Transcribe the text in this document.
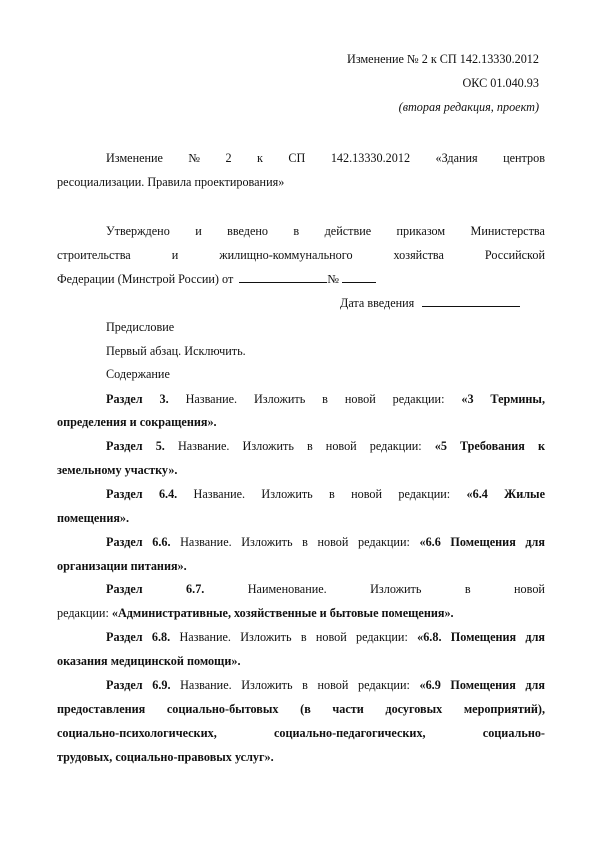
Изменение № 2 к СП 142.13330.2012
ОКС 01.040.93
(вторая редакция, проект)
Изменение № 2 к СП 142.13330.2012 «Здания центров
ресоциализации. Правила проектирования»
Утверждено и введено в действие приказом Министерства
строительства	и	жилищно-коммунального	хозяйства	Российской
Федерации (Минстрой России) от	№
Дата введения
Предисловие
Первый абзац. Исключить.
Содержание
Раздел 3. Название. Изложить в новой редакции: «3 Термины,
определения и сокращения».
Раздел 5. Название. Изложить в новой редакции: «5 Требования к
земельному участку».
Раздел 6.4. Название. Изложить в новой редакции: «6.4 Жилые
помещения».
Раздел 6.6. Название. Изложить в новой редакции: «6.6 Помещения для
организации питания».
Раздел	6.7.	Наименование.	Изложить	в	новой
редакции: «Административные, хозяйственные и бытовые помещения».
Раздел 6.8. Название. Изложить в новой редакции: «6.8. Помещения для
оказания медицинской помощи».
Раздел 6.9. Название. Изложить в новой редакции: «6.9 Помещения для
предоставления социально-бытовых (в части досуговых мероприятий),
социально-психологических, социально-педагогических, социально-
трудовых, социально-правовых услуг».
